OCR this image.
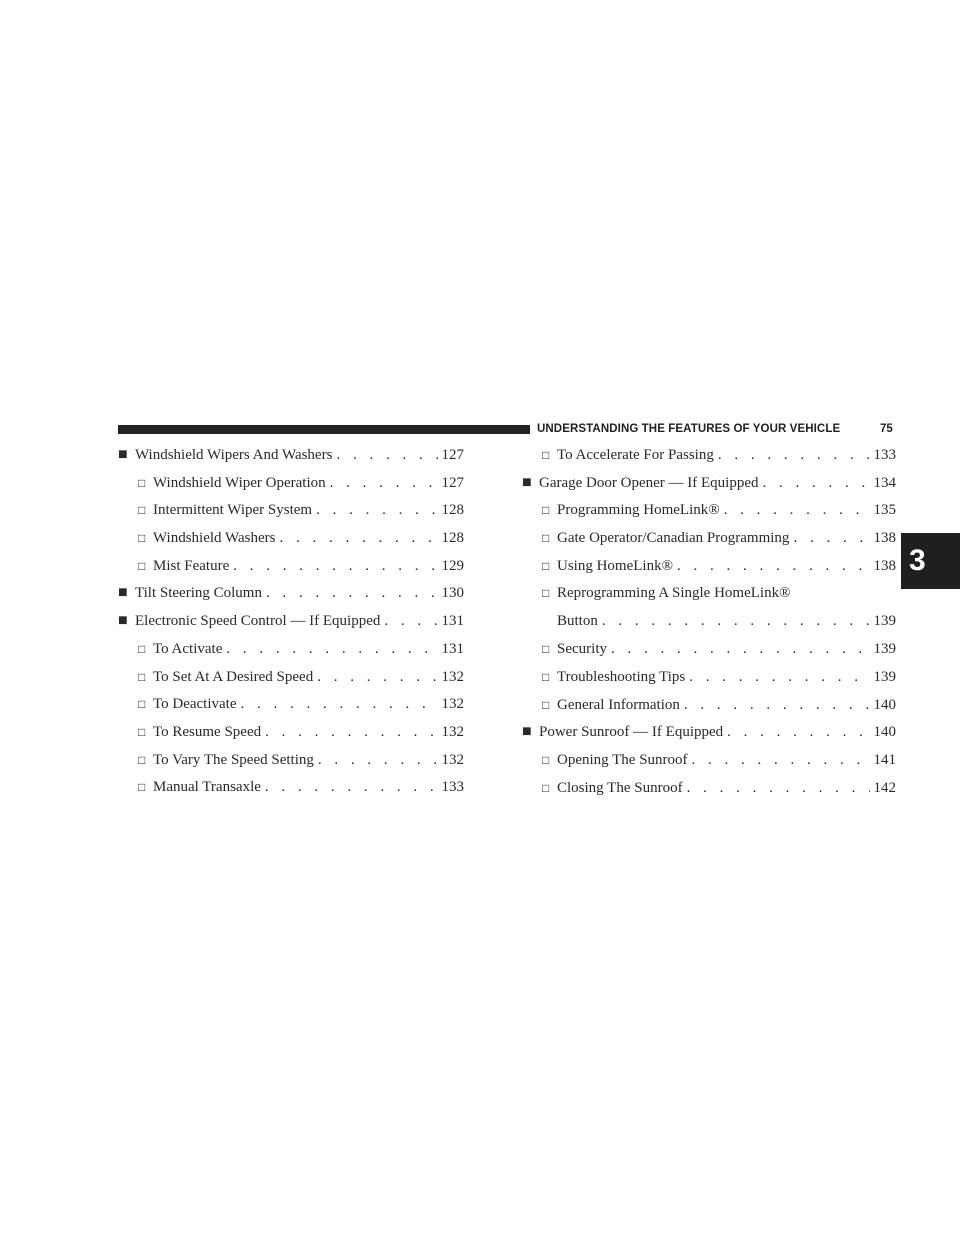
UNDERSTANDING THE FEATURES OF YOUR VEHICLE	75
3
■ Windshield Wipers And Washers . . .	127
□ Windshield Wiper Operation . . .	127
□ Intermittent Wiper System . . .	128
□ Windshield Washers . . .	128
□ Mist Feature . . .	129
■ Tilt Steering Column . . .	130
■ Electronic Speed Control — If Equipped . . .	131
□ To Activate . . .	131
□ To Set At A Desired Speed . . .	132
□ To Deactivate . . .	132
□ To Resume Speed . . .	132
□ To Vary The Speed Setting . . .	132
□ Manual Transaxle . . .	133
□ To Accelerate For Passing . . .	133
■ Garage Door Opener — If Equipped . . .	134
□ Programming HomeLink® . . .	135
□ Gate Operator/Canadian Programming . . .	138
□ Using HomeLink® . . .	138
□ Reprogramming A Single HomeLink®
Button . . .	139
□ Security . . .	139
□ Troubleshooting Tips . . .	139
□ General Information . . .	140
■ Power Sunroof — If Equipped . . .	140
□ Opening The Sunroof . . .	141
□ Closing The Sunroof . . .	142
